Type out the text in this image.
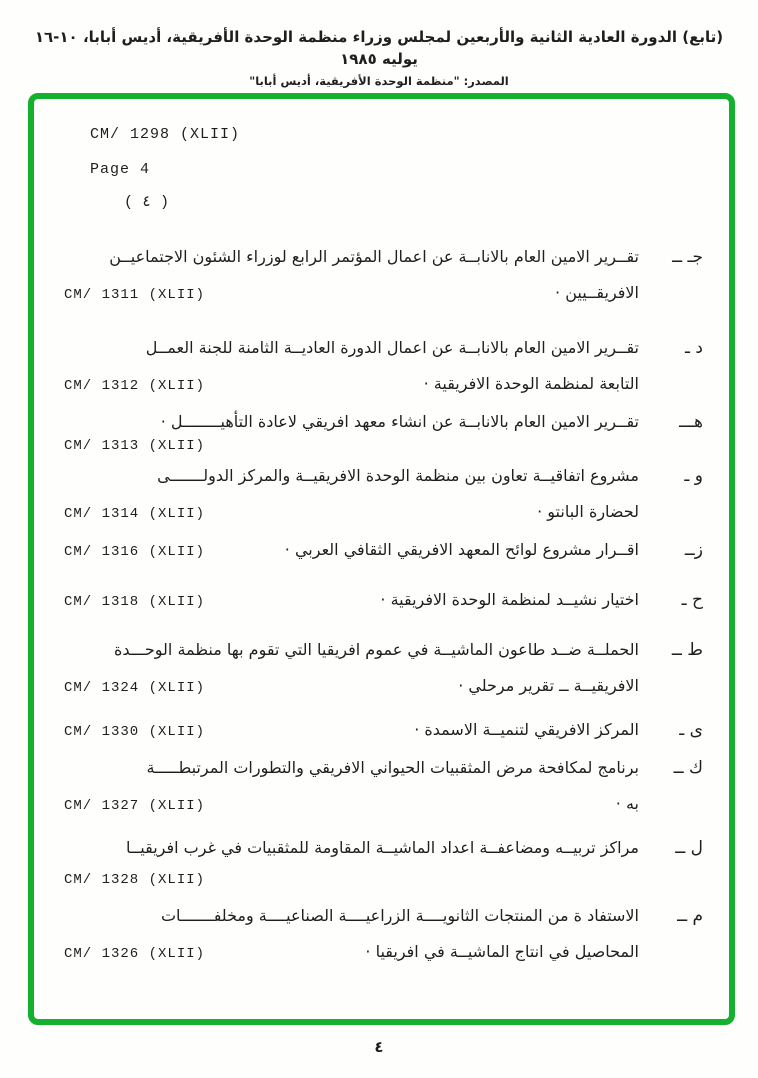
(تابع) الدورة العادية الثانية والأربعين لمجلس وزراء منظمة الوحدة الأفريقية، أديس أبابا، ١٠-١٦ يوليه ١٩٨٥
المصدر: "منظمة الوحدة الأفريقية، أديس أبابا"
CM/ 1298 (XLII)
Page 4
( ٤ )
جـ ــ
تقــرير الامين العام بالانابــة عن اعمال المؤتمر الرابع لوزراء الشئون الاجتماعيــن
الافريقــيين ·
CM/ 1311 (XLII)
د ـ
تقــرير الامين العام بالانابــة عن اعمال الدورة العاديــة الثامنة للجنة العمــل
التابعة لمنظمة الوحدة الافريقية ·
CM/ 1312 (XLII)
هـــ
تقــرير الامين العام بالانابــة عن انشاء معهد افريقي لاعادة التأهيــــــــل ·
CM/ 1313 (XLII)
و ـ
مشروع اتفاقيــة تعاون بين منظمة الوحدة الافريقيــة والمركز الدولـــــــى
لحضارة البانتو ·
CM/ 1314 (XLII)
زــ
اقــرار مشروع لوائح المعهد الافريقي الثقافي العربي ·
CM/ 1316 (XLII)
ح ـ
اختيار نشيــد لمنظمة الوحدة الافريقية ·
CM/ 1318 (XLII)
ط ــ
الحملــة ضــد طاعون الماشيــة في عموم افريقيا التي تقوم بها منظمة الوحـــدة
الافريقيــة ــ تقرير مرحلي ·
CM/ 1324 (XLII)
ى ـ
المركز الافريقي لتنميــة الاسمدة ·
CM/ 1330 (XLII)
ك ــ
برنامج لمكافحة مرض المثقبيات الحيواني الافريقي والتطورات المرتبطـــــة
به ·
CM/ 1327 (XLII)
ل ــ
مراكز تربيــه ومضاعفــة اعداد الماشيــة المقاومة للمثقبيات في غرب افريقيــا
CM/ 1328 (XLII)
م ــ
الاستفاد ة من المنتجات الثانويــــة الزراعيــــة الصناعيــــة ومخلفـــــــات
المحاصيل في انتاج الماشيــة في افريقيا ·
CM/ 1326 (XLII)
٤
